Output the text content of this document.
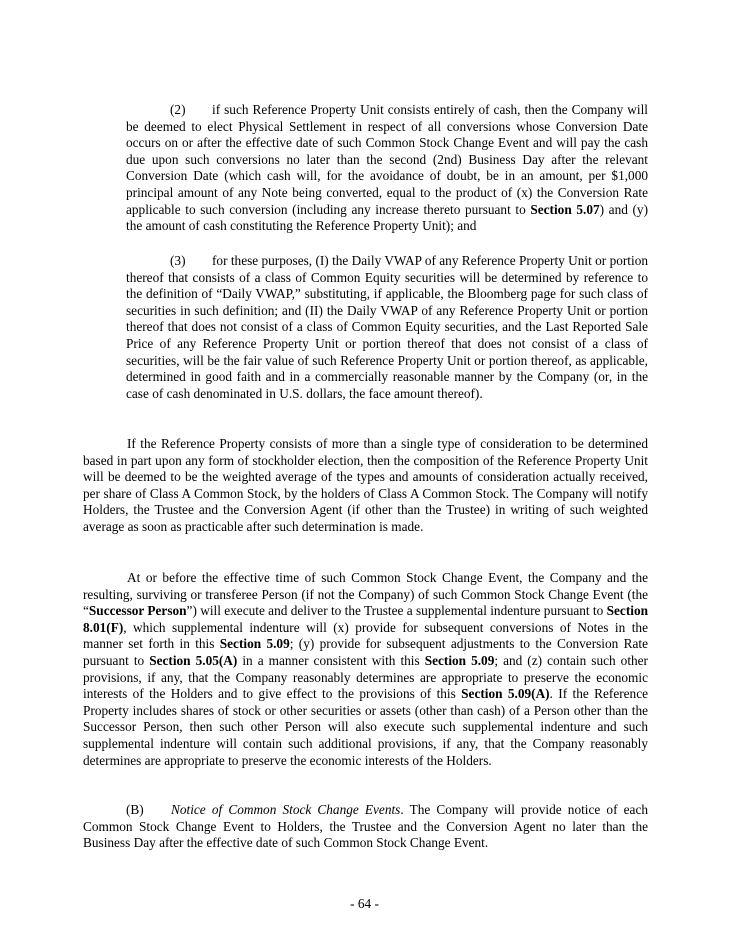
(2) if such Reference Property Unit consists entirely of cash, then the Company will be deemed to elect Physical Settlement in respect of all conversions whose Conversion Date occurs on or after the effective date of such Common Stock Change Event and will pay the cash due upon such conversions no later than the second (2nd) Business Day after the relevant Conversion Date (which cash will, for the avoidance of doubt, be in an amount, per $1,000 principal amount of any Note being converted, equal to the product of (x) the Conversion Rate applicable to such conversion (including any increase thereto pursuant to Section 5.07) and (y) the amount of cash constituting the Reference Property Unit); and

(3) for these purposes, (I) the Daily VWAP of any Reference Property Unit or portion thereof that consists of a class of Common Equity securities will be determined by reference to the definition of “Daily VWAP,” substituting, if applicable, the Bloomberg page for such class of securities in such definition; and (II) the Daily VWAP of any Reference Property Unit or portion thereof that does not consist of a class of Common Equity securities, and the Last Reported Sale Price of any Reference Property Unit or portion thereof that does not consist of a class of securities, will be the fair value of such Reference Property Unit or portion thereof, as applicable, determined in good faith and in a commercially reasonable manner by the Company (or, in the case of cash denominated in U.S. dollars, the face amount thereof).

If the Reference Property consists of more than a single type of consideration to be determined based in part upon any form of stockholder election, then the composition of the Reference Property Unit will be deemed to be the weighted average of the types and amounts of consideration actually received, per share of Class A Common Stock, by the holders of Class A Common Stock. The Company will notify Holders, the Trustee and the Conversion Agent (if other than the Trustee) in writing of such weighted average as soon as practicable after such determination is made.

At or before the effective time of such Common Stock Change Event, the Company and the resulting, surviving or transferee Person (if not the Company) of such Common Stock Change Event (the “Successor Person”) will execute and deliver to the Trustee a supplemental indenture pursuant to Section 8.01(F), which supplemental indenture will (x) provide for subsequent conversions of Notes in the manner set forth in this Section 5.09; (y) provide for subsequent adjustments to the Conversion Rate pursuant to Section 5.05(A) in a manner consistent with this Section 5.09; and (z) contain such other provisions, if any, that the Company reasonably determines are appropriate to preserve the economic interests of the Holders and to give effect to the provisions of this Section 5.09(A). If the Reference Property includes shares of stock or other securities or assets (other than cash) of a Person other than the Successor Person, then such other Person will also execute such supplemental indenture and such supplemental indenture will contain such additional provisions, if any, that the Company reasonably determines are appropriate to preserve the economic interests of the Holders.

(B) Notice of Common Stock Change Events. The Company will provide notice of each Common Stock Change Event to Holders, the Trustee and the Conversion Agent no later than the Business Day after the effective date of such Common Stock Change Event.

- 64 -
